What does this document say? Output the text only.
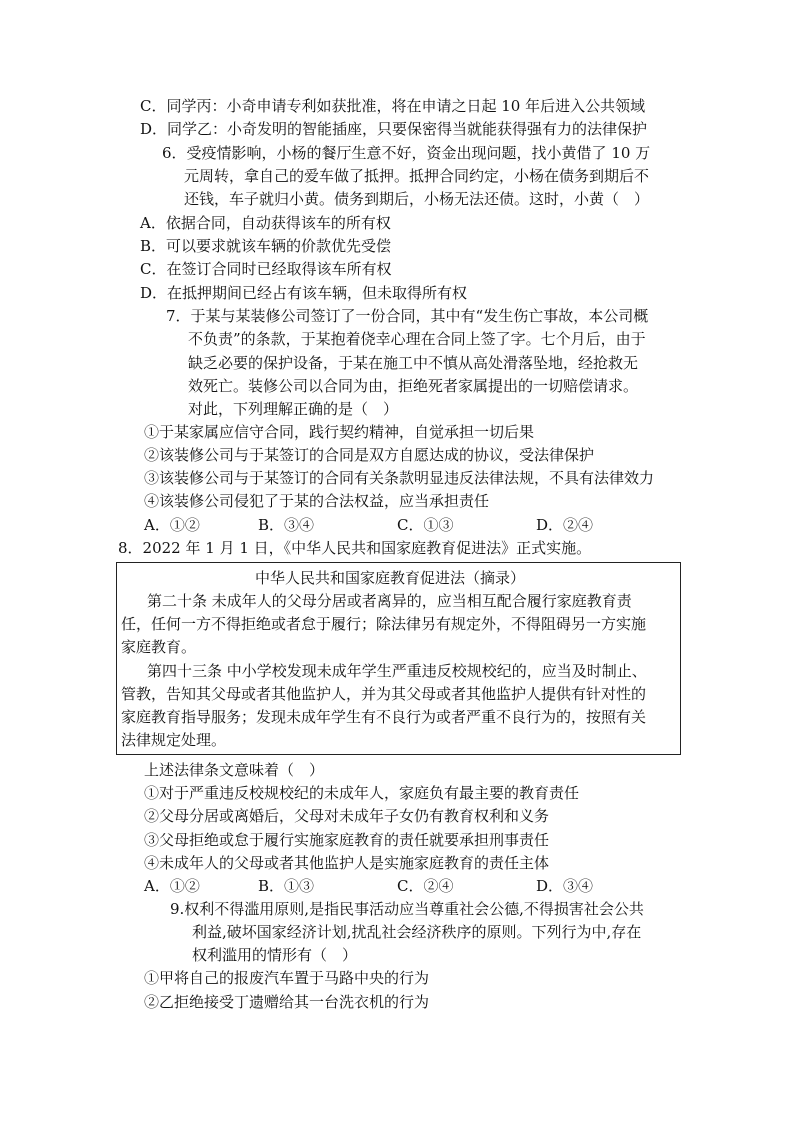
C．同学丙：小奇申请专利如获批准，将在申请之日起 10 年后进入公共领域
D．同学乙：小奇发明的智能插座，只要保密得当就能获得强有力的法律保护
6．受疫情影响，小杨的餐厅生意不好，资金出现问题，找小黄借了 10 万
元周转，拿自己的爱车做了抵押。抵押合同约定，小杨在债务到期后不
还钱，车子就归小黄。债务到期后，小杨无法还债。这时，小黄（　）
A．依据合同，自动获得该车的所有权
B．可以要求就该车辆的价款优先受偿
C．在签订合同时已经取得该车所有权
D．在抵押期间已经占有该车辆，但未取得所有权
7．于某与某装修公司签订了一份合同，其中有“发生伤亡事故，本公司概
不负责”的条款，于某抱着侥幸心理在合同上签了字。七个月后，由于
缺乏必要的保护设备，于某在施工中不慎从高处滑落坠地，经抢救无
效死亡。装修公司以合同为由，拒绝死者家属提出的一切赔偿请求。
对此，下列理解正确的是（　）
①于某家属应信守合同，践行契约精神，自觉承担一切后果
②该装修公司与于某签订的合同是双方自愿达成的协议，受法律保护
③该装修公司与于某签订的合同有关条款明显违反法律法规，不具有法律效力
④该装修公司侵犯了于某的合法权益，应当承担责任
A．①②	B．③④	C．①③	D．②④
8．2022 年 1 月 1 日，《中华人民共和国家庭教育促进法》正式实施。
中华人民共和国家庭教育促进法（摘录）
第二十条 未成年人的父母分居或者离异的，应当相互配合履行家庭教育责
任，任何一方不得拒绝或者怠于履行；除法律另有规定外，不得阻碍另一方实施
家庭教育。
第四十三条 中小学校发现未成年学生严重违反校规校纪的，应当及时制止、
管教，告知其父母或者其他监护人，并为其父母或者其他监护人提供有针对性的
家庭教育指导服务；发现未成年学生有不良行为或者严重不良行为的，按照有关
法律规定处理。
上述法律条文意味着（　）
①对于严重违反校规校纪的未成年人，家庭负有最主要的教育责任
②父母分居或离婚后，父母对未成年子女仍有教育权利和义务
③父母拒绝或怠于履行实施家庭教育的责任就要承担刑事责任
④未成年人的父母或者其他监护人是实施家庭教育的责任主体
A．①②	B．①③	C．②④	D．③④
9.权利不得滥用原则,是指民事活动应当尊重社会公德,不得损害社会公共
利益,破坏国家经济计划,扰乱社会经济秩序的原则。下列行为中,存在
权利滥用的情形有（　）
①甲将自己的报废汽车置于马路中央的行为
②乙拒绝接受丁遗赠给其一台洗衣机的行为
